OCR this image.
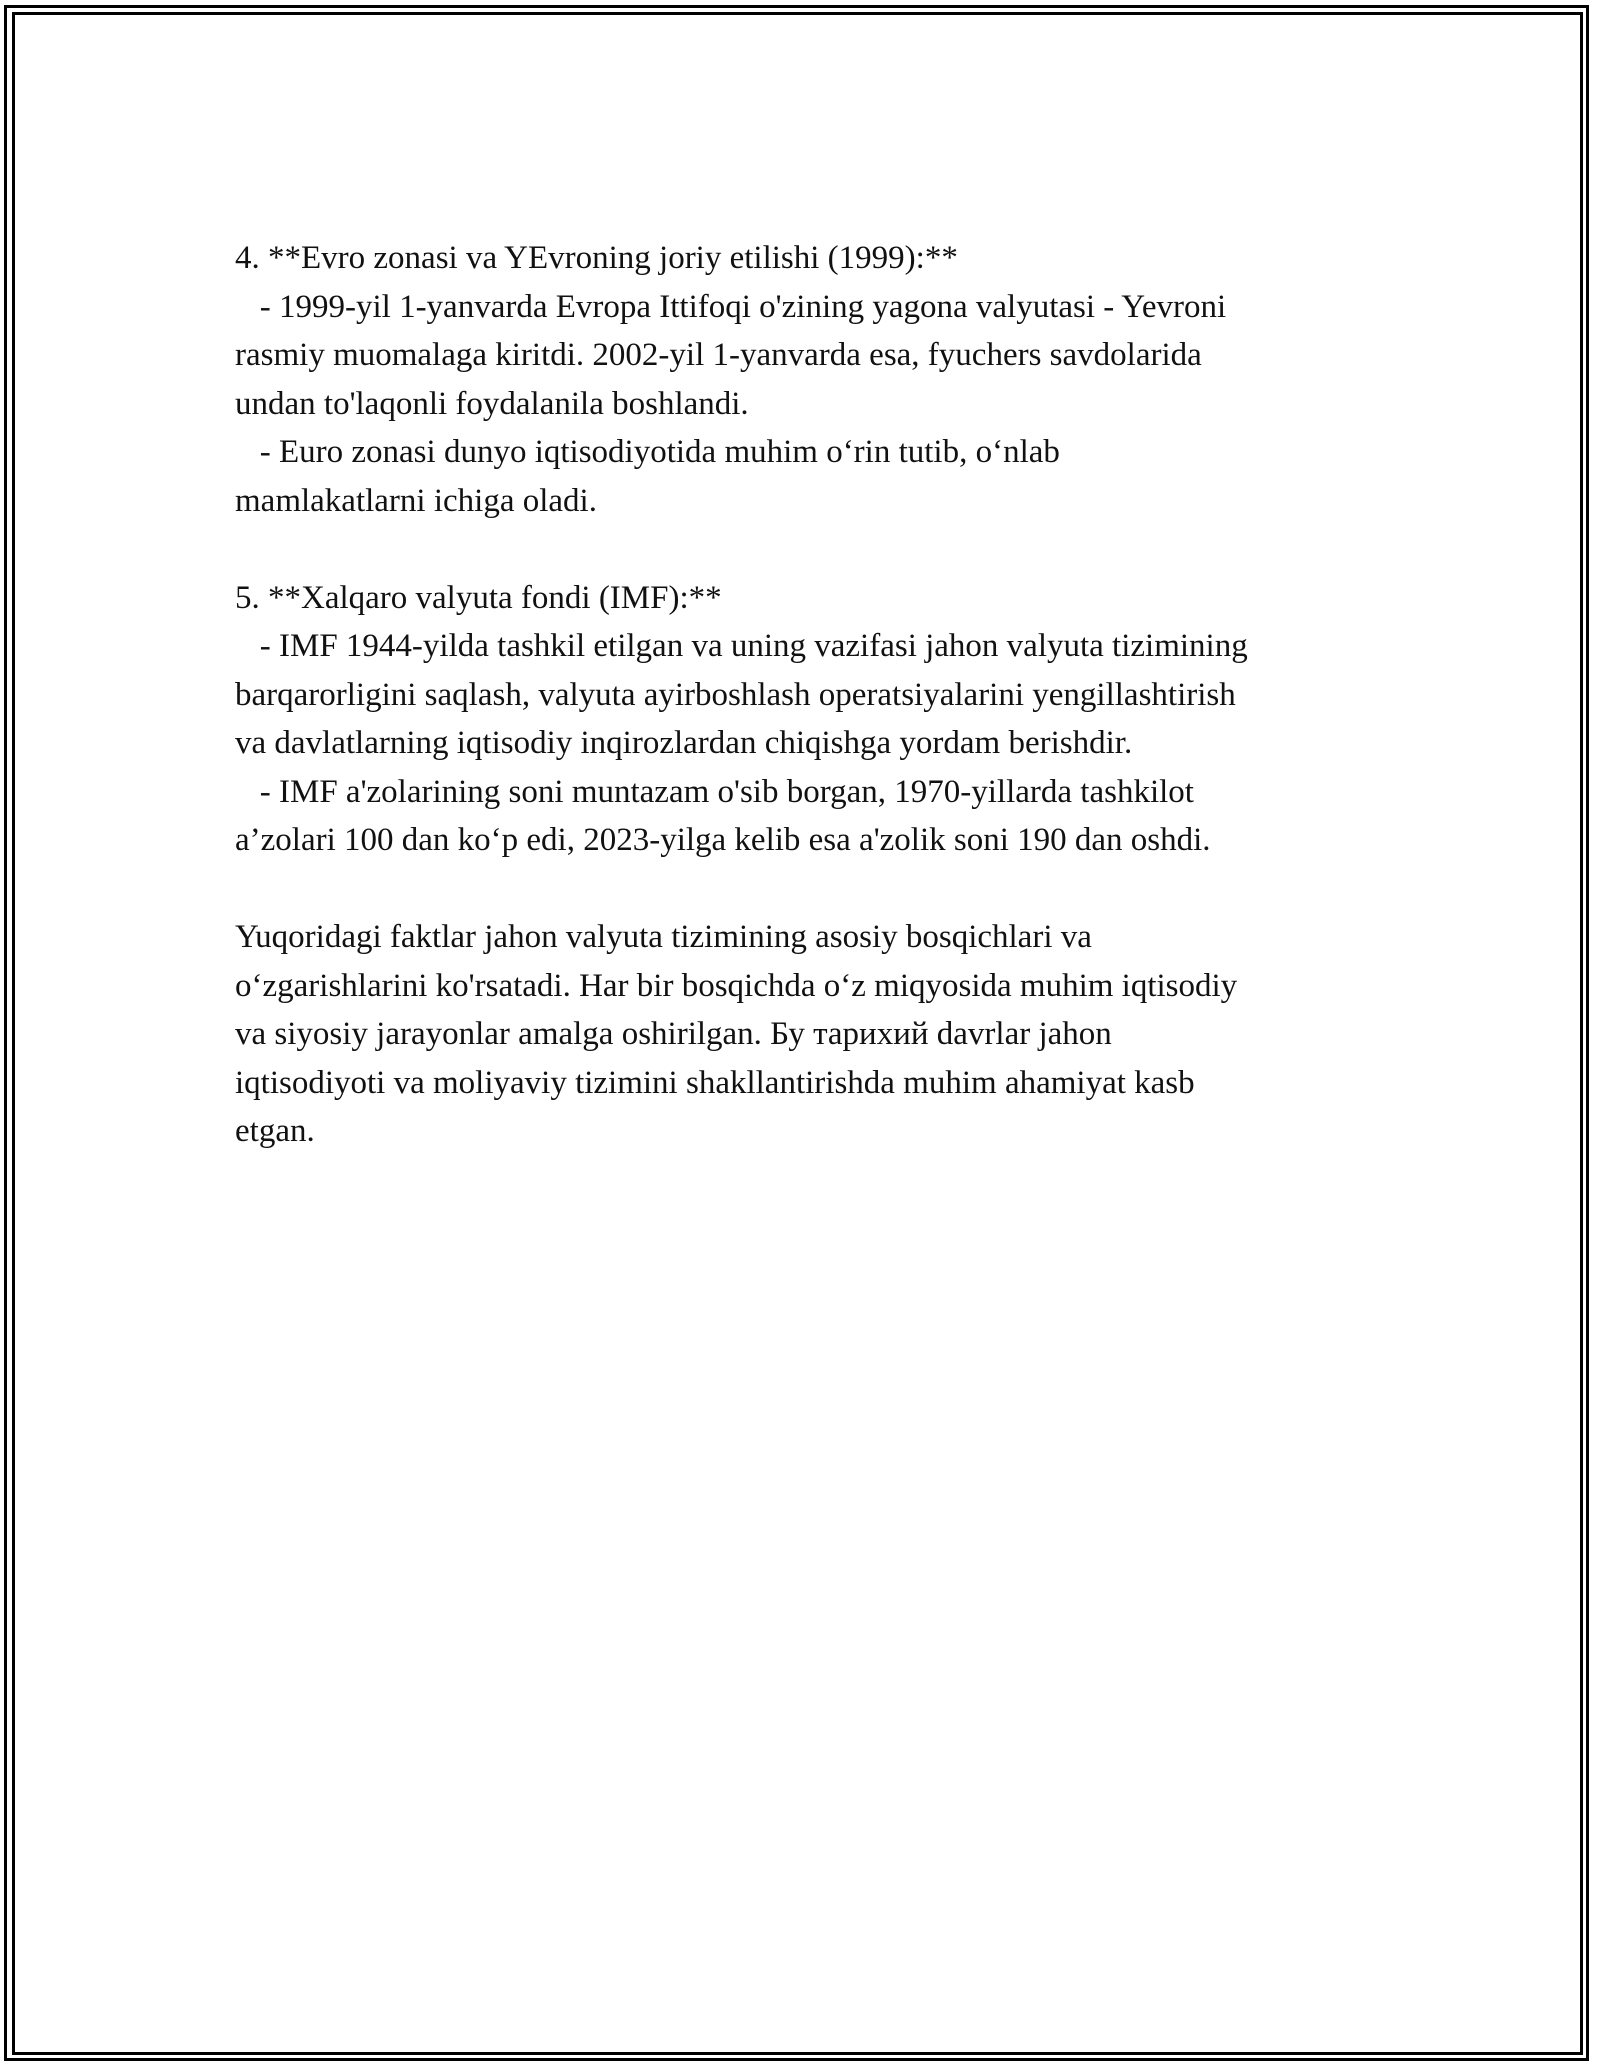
4. **Evro zonasi va YEvroning joriy etilishi (1999):**
- 1999-yil 1-yanvarda Evropa Ittifoqi o'zining yagona valyutasi - Yevroni
rasmiy muomalaga kiritdi. 2002-yil 1-yanvarda esa, fyuchers savdolarida
undan to'laqonli foydalanila boshlandi.
- Euro zonasi dunyo iqtisodiyotida muhim o‘rin tutib, o‘nlab
mamlakatlarni ichiga oladi.
5. **Xalqaro valyuta fondi (IMF):**
- IMF 1944-yilda tashkil etilgan va uning vazifasi jahon valyuta tizimining
barqarorligini saqlash, valyuta ayirboshlash operatsiyalarini yengillashtirish
va davlatlarning iqtisodiy inqirozlardan chiqishga yordam berishdir.
- IMF a'zolarining soni muntazam o'sib borgan, 1970-yillarda tashkilot
a’zolari 100 dan ko‘p edi, 2023-yilga kelib esa a'zolik soni 190 dan oshdi.
Yuqoridagi faktlar jahon valyuta tizimining asosiy bosqichlari va
o‘zgarishlarini ko'rsatadi. Har bir bosqichda o‘z miqyosida muhim iqtisodiy
va siyosiy jarayonlar amalga oshirilgan. Бу тарихий davrlar jahon
iqtisodiyoti va moliyaviy tizimini shakllantirishda muhim ahamiyat kasb
etgan.
